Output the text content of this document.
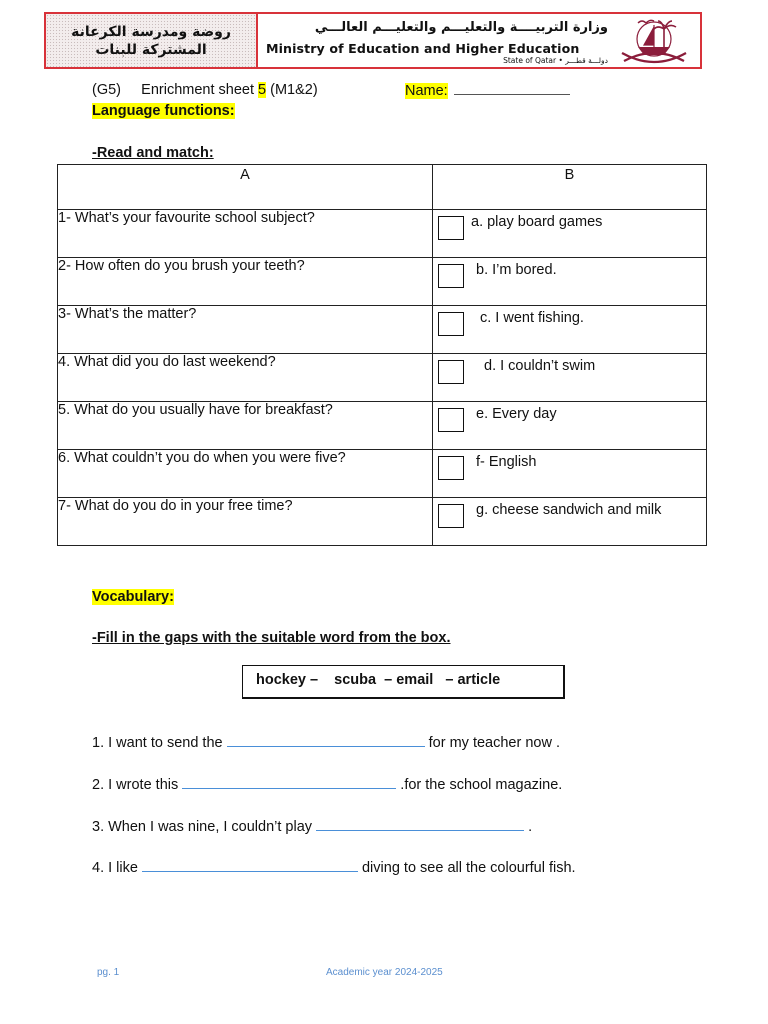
روضة ومدرسة الكرعانة
المشتركة للبنات
وزارة التربيــــة والتعليـــم والتعليـــم العالـــي
Ministry of Education and Higher Education
State of Qatar • دولـــة قطـــر
(G5) Enrichment sheet 5 (M1&2)	Name:
Language functions:
-Read and match:
A	B
1- What’s your favourite school subject?	a. play board games

2- How often do you brush your teeth?	b. I’m bored.

3- What’s the matter?	c. I went fishing.

4. What did you do last weekend?	d. I couldn’t swim

5. What do you usually have for breakfast?	e. Every day

6. What couldn’t you do when you were five?	f- English

7- What do you do in your free time?	g. cheese sandwich and milk
Vocabulary:
-Fill in the gaps with the suitable word from the box.
hockey –    scuba  – email   – article
1. I want to send the	for my teacher now .
2. I wrote this	.for the school magazine.
3. When I was nine, I couldn’t play	.
4. I like	diving to see all the colourful fish.
pg. 1	Academic year 2024-2025
